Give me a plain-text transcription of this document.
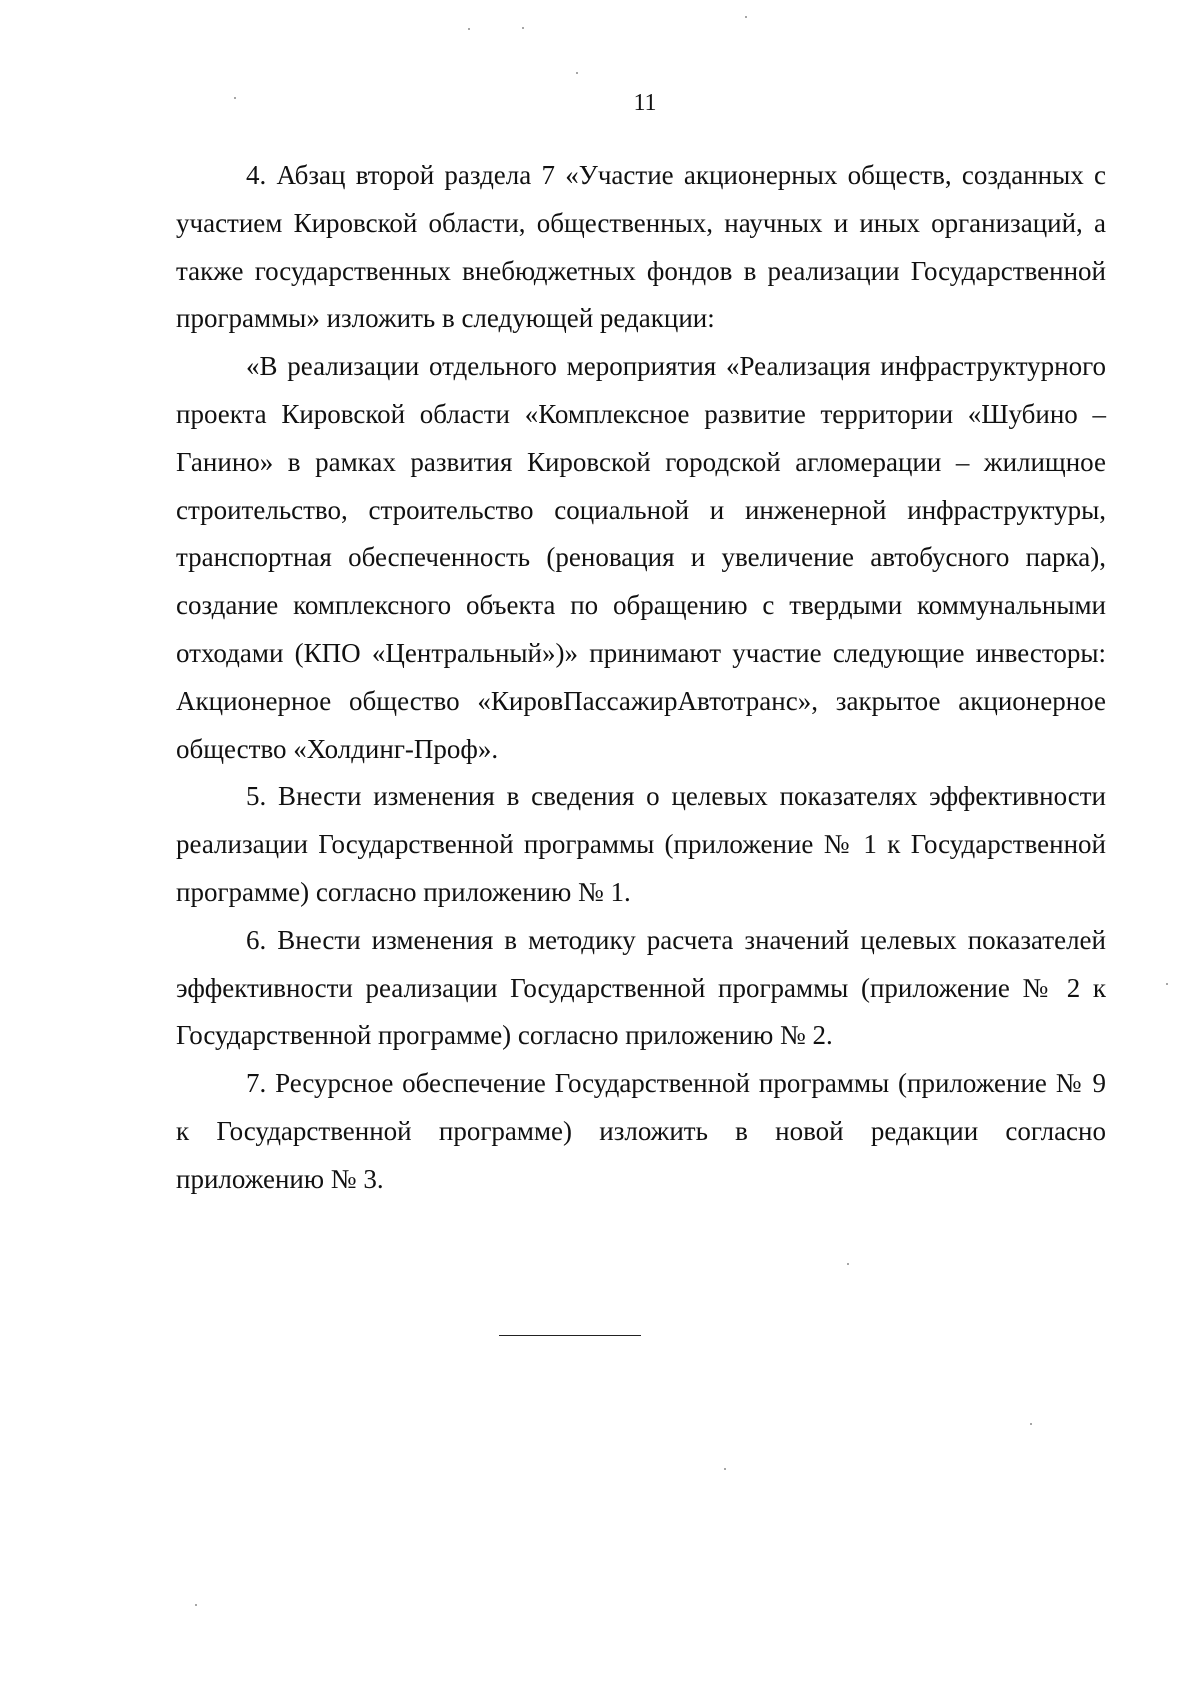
11

4. Абзац второй раздела 7 «Участие акционерных обществ, созданных с участием Кировской области, общественных, научных и иных организаций, а также государственных внебюджетных фондов в реализации Государственной программы» изложить в следующей редакции:

«В реализации отдельного мероприятия «Реализация инфраструктурного проекта Кировской области «Комплексное развитие территории «Шубино – Ганино» в рамках развития Кировской городской агломерации – жилищное строительство, строительство социальной и инженерной инфраструктуры, транспортная обеспеченность (реновация и увеличение автобусного парка), создание комплексного объекта по обращению с твердыми коммунальными отходами (КПО «Центральный»)» принимают участие следующие инвесторы: Акционерное общество «КировПассажирАвтотранс», закрытое акционерное общество «Холдинг-Проф».

5. Внести изменения в сведения о целевых показателях эффективности реализации Государственной программы (приложение № 1 к Государственной программе) согласно приложению № 1.

6. Внести изменения в методику расчета значений целевых показателей эффективности реализации Государственной программы (приложение № 2 к Государственной программе) согласно приложению № 2.

7. Ресурсное обеспечение Государственной программы (приложение № 9 к Государственной программе) изложить в новой редакции согласно приложению № 3.
